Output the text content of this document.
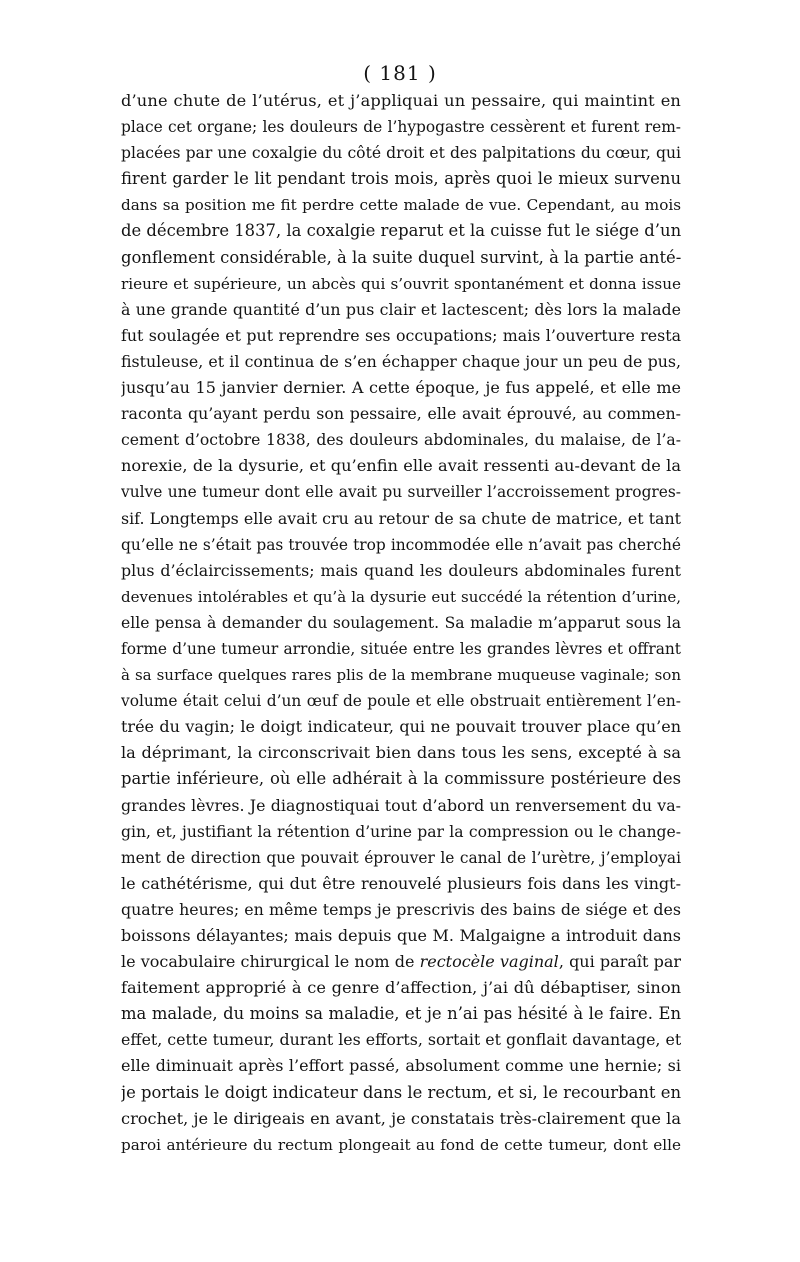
( 181 )

d’une chute de l’utérus, et j’appliquai un pessaire, qui maintint en
place cet organe; les douleurs de l’hypogastre cessèrent et furent rem-
placées par une coxalgie du côté droit et des palpitations du cœur, qui
firent garder le lit pendant trois mois, après quoi le mieux survenu
dans sa position me fit perdre cette malade de vue. Cependant, au mois
de décembre 1837, la coxalgie reparut et la cuisse fut le siége d’un
gonflement considérable, à la suite duquel survint, à la partie anté-
rieure et supérieure, un abcès qui s’ouvrit spontanément et donna issue
à une grande quantité d’un pus clair et lactescent; dès lors la malade
fut soulagée et put reprendre ses occupations; mais l’ouverture resta
fistuleuse, et il continua de s’en échapper chaque jour un peu de pus,
jusqu’au 15 janvier dernier. A cette époque, je fus appelé, et elle me
raconta qu’ayant perdu son pessaire, elle avait éprouvé, au commen-
cement d’octobre 1838, des douleurs abdominales, du malaise, de l’a-
norexie, de la dysurie, et qu’enfin elle avait ressenti au-devant de la
vulve une tumeur dont elle avait pu surveiller l’accroissement progres-
sif. Longtemps elle avait cru au retour de sa chute de matrice, et tant
qu’elle ne s’était pas trouvée trop incommodée elle n’avait pas cherché
plus d’éclaircissements; mais quand les douleurs abdominales furent
devenues intolérables et qu’à la dysurie eut succédé la rétention d’urine,
elle pensa à demander du soulagement. Sa maladie m’apparut sous la
forme d’une tumeur arrondie, située entre les grandes lèvres et offrant
à sa surface quelques rares plis de la membrane muqueuse vaginale; son
volume était celui d’un œuf de poule et elle obstruait entièrement l’en-
trée du vagin; le doigt indicateur, qui ne pouvait trouver place qu’en
la déprimant, la circonscrivait bien dans tous les sens, excepté à sa
partie inférieure, où elle adhérait à la commissure postérieure des
grandes lèvres. Je diagnostiquai tout d’abord un renversement du va-
gin, et, justifiant la rétention d’urine par la compression ou le change-
ment de direction que pouvait éprouver le canal de l’urètre, j’employai
le cathétérisme, qui dut être renouvelé plusieurs fois dans les vingt-
quatre heures; en même temps je prescrivis des bains de siége et des
boissons délayantes; mais depuis que M. Malgaigne a introduit dans
le vocabulaire chirurgical le nom de rectocèle vaginal, qui paraît par
faitement approprié à ce genre d’affection, j’ai dû débaptiser, sinon
ma malade, du moins sa maladie, et je n’ai pas hésité à le faire. En
effet, cette tumeur, durant les efforts, sortait et gonflait davantage, et
elle diminuait après l’effort passé, absolument comme une hernie; si
je portais le doigt indicateur dans le rectum, et si, le recourbant en
crochet, je le dirigeais en avant, je constatais très-clairement que la
paroi antérieure du rectum plongeait au fond de cette tumeur, dont elle
